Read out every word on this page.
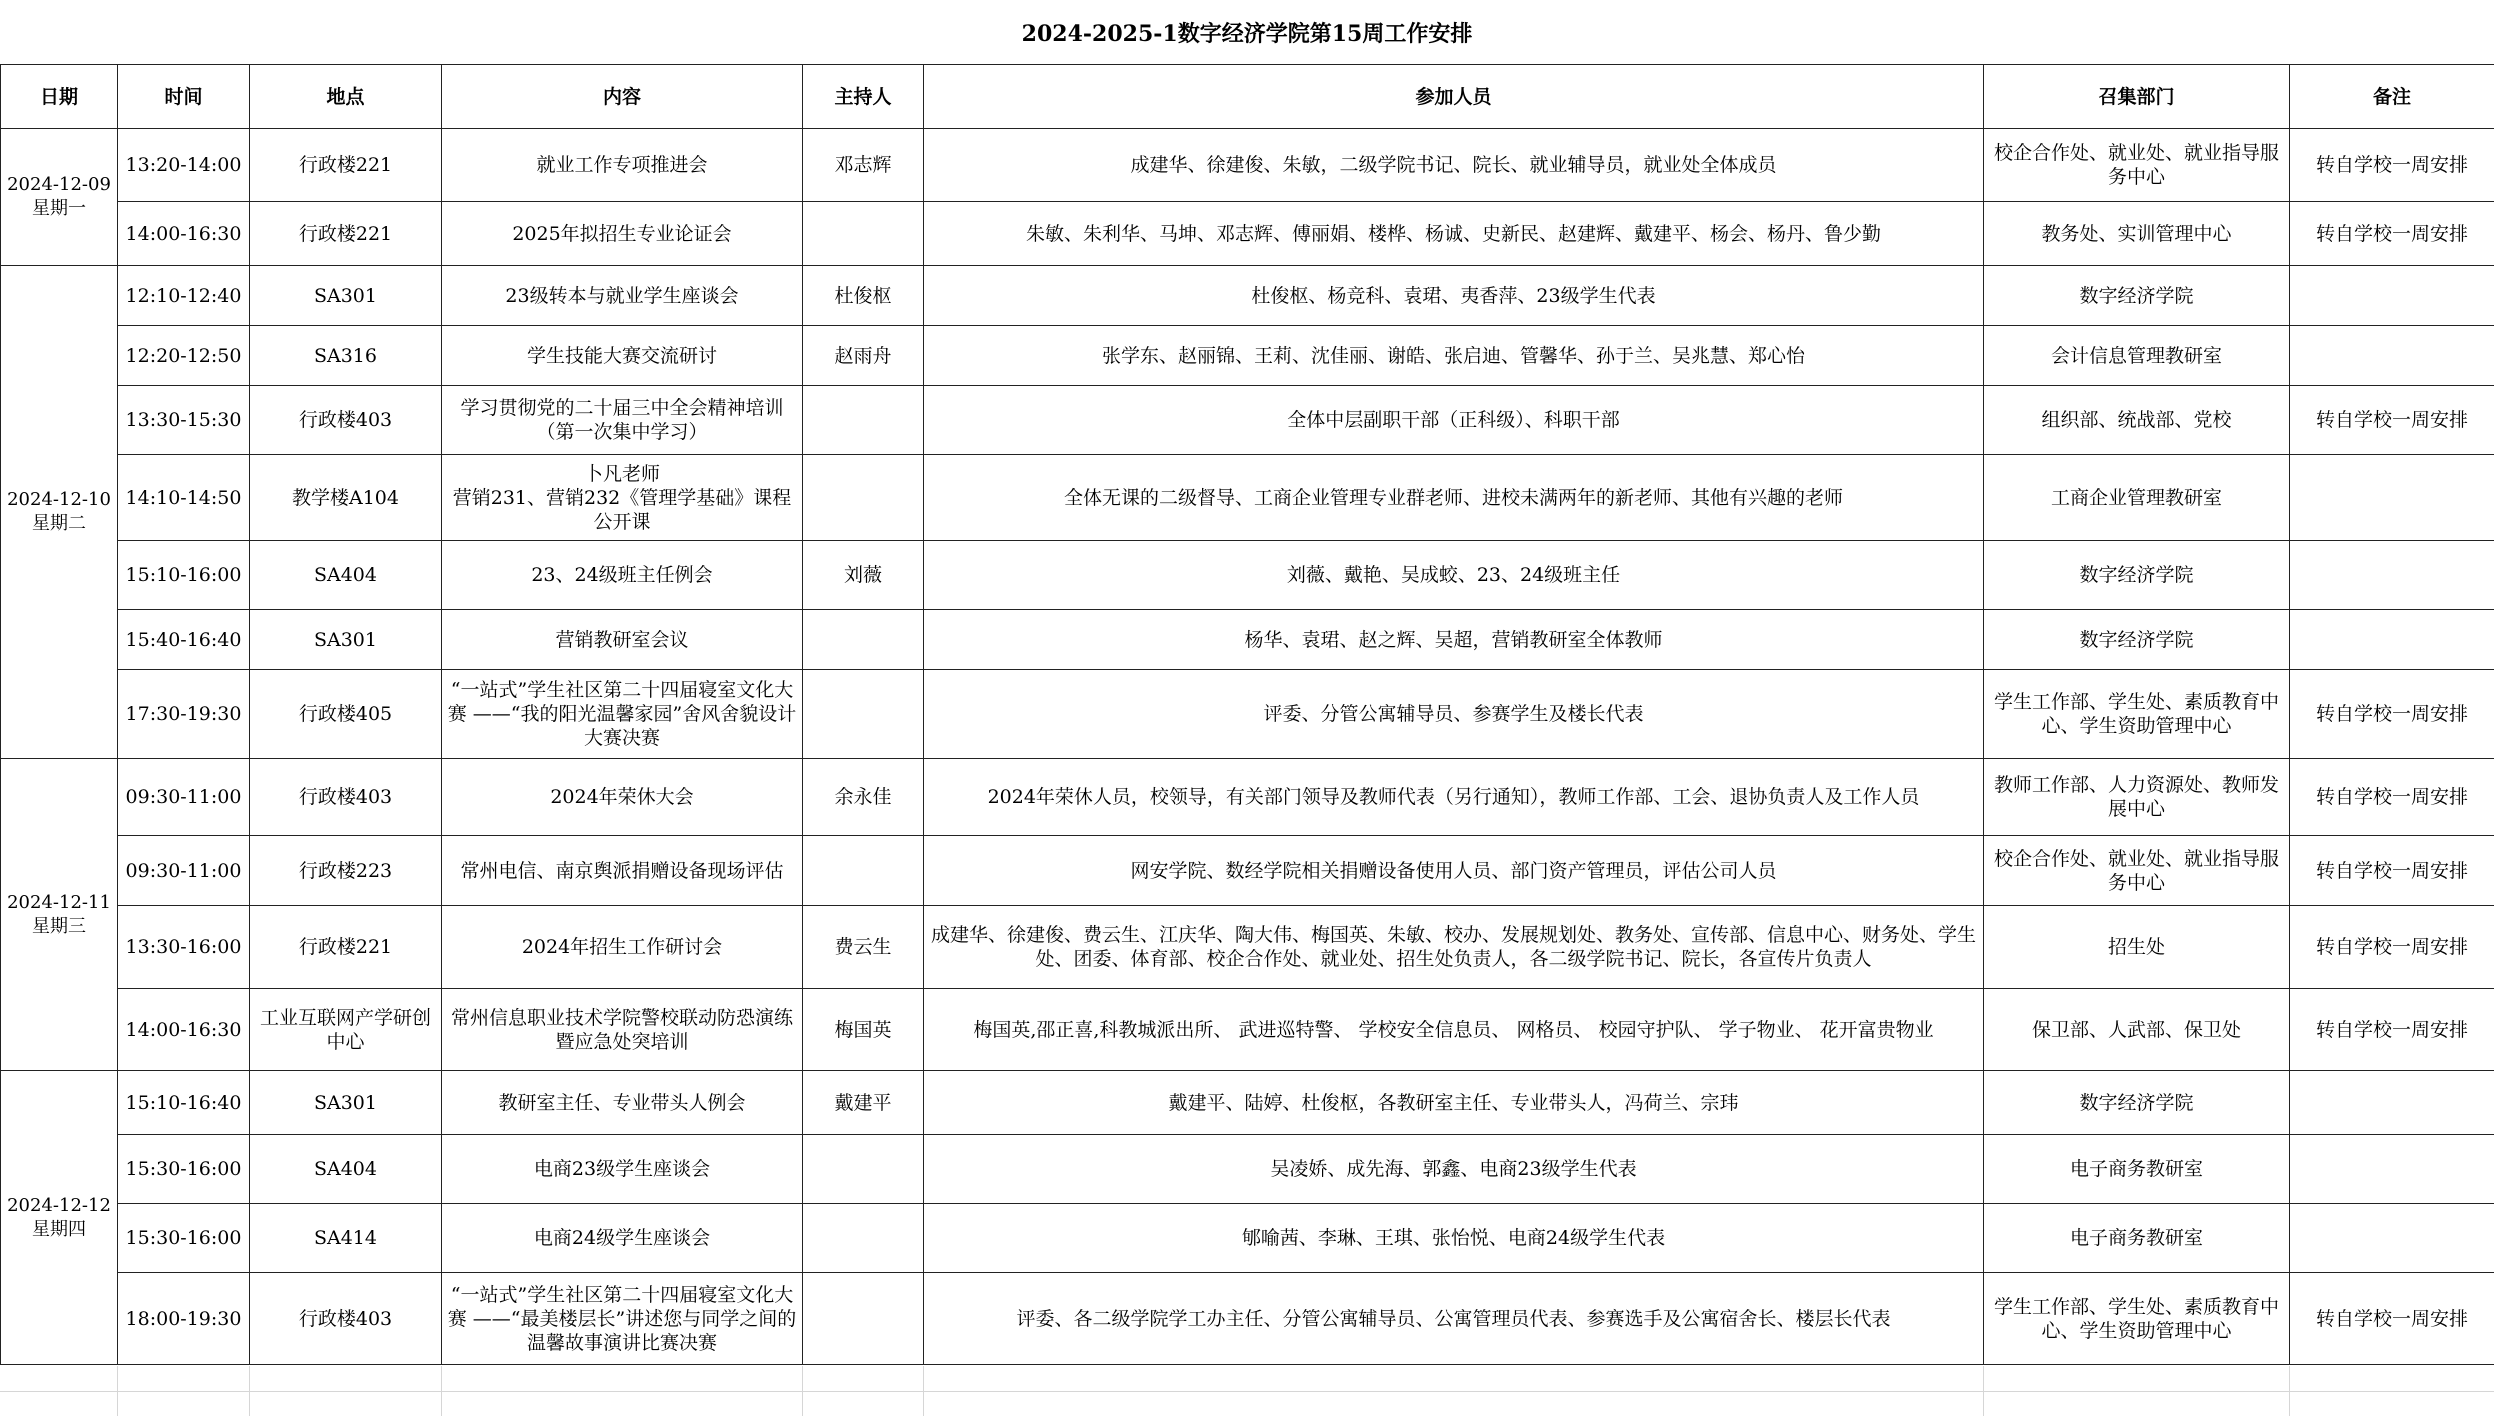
2024-2025-1数字经济学院第15周工作安排
日期	时间	地点	内容	主持人	参加人员	召集部门	备注

2024-12-09
星期一	13:20-14:00	行政楼221	就业工作专项推进会	邓志辉	成建华、徐建俊、朱敏，二级学院书记、院长、就业辅导员，就业处全体成员	校企合作处、就业处、就业指导服务中心	转自学校一周安排
	14:00-16:30	行政楼221	2025年拟招生专业论证会		朱敏、朱利华、马坤、邓志辉、傅丽娟、楼桦、杨诚、史新民、赵建辉、戴建平、杨会、杨丹、鲁少勤	教务处、实训管理中心	转自学校一周安排

2024-12-10
星期二	12:10-12:40	SA301	23级转本与就业学生座谈会	杜俊枢	杜俊枢、杨竞科、袁珺、夷香萍、23级学生代表	数字经济学院	
	12:20-12:50	SA316	学生技能大赛交流研讨	赵雨舟	张学东、赵丽锦、王莉、沈佳丽、谢皓、张启迪、管馨华、孙于兰、吴兆慧、郑心怡	会计信息管理教研室	
	13:30-15:30	行政楼403	学习贯彻党的二十届三中全会精神培训（第一次集中学习）		全体中层副职干部（正科级）、科职干部	组织部、统战部、党校	转自学校一周安排
	14:10-14:50	教学楼A104	卜凡老师
营销231、营销232《管理学基础》课程公开课		全体无课的二级督导、工商企业管理专业群老师、进校未满两年的新老师、其他有兴趣的老师	工商企业管理教研室	
	15:10-16:00	SA404	23、24级班主任例会	刘薇	刘薇、戴艳、吴成蛟、23、24级班主任	数字经济学院	
	15:40-16:40	SA301	营销教研室会议		杨华、袁珺、赵之辉、吴超，营销教研室全体教师	数字经济学院	
	17:30-19:30	行政楼405	“一站式”学生社区第二十四届寝室文化大赛 ——“我的阳光温馨家园”舍风舍貌设计大赛决赛		评委、分管公寓辅导员、参赛学生及楼长代表	学生工作部、学生处、素质教育中心、学生资助管理中心	转自学校一周安排

2024-12-11
星期三	09:30-11:00	行政楼403	2024年荣休大会	余永佳	2024年荣休人员，校领导，有关部门领导及教师代表（另行通知），教师工作部、工会、退协负责人及工作人员	教师工作部、人力资源处、教师发展中心	转自学校一周安排
	09:30-11:00	行政楼223	常州电信、南京舆派捐赠设备现场评估		网安学院、数经学院相关捐赠设备使用人员、部门资产管理员，评估公司人员	校企合作处、就业处、就业指导服务中心	转自学校一周安排
	13:30-16:00	行政楼221	2024年招生工作研讨会	费云生	成建华、徐建俊、费云生、江庆华、陶大伟、梅国英、朱敏、校办、发展规划处、教务处、宣传部、信息中心、财务处、学生处、团委、体育部、校企合作处、就业处、招生处负责人，各二级学院书记、院长，各宣传片负责人	招生处	转自学校一周安排
	14:00-16:30	工业互联网产学研创中心	常州信息职业技术学院警校联动防恐演练暨应急处突培训	梅国英	梅国英,邵正喜,科教城派出所、 武进巡特警、 学校安全信息员、 网格员、 校园守护队、 学子物业、 花开富贵物业	保卫部、人武部、保卫处	转自学校一周安排

2024-12-12
星期四	15:10-16:40	SA301	教研室主任、专业带头人例会	戴建平	戴建平、陆婷、杜俊枢，各教研室主任、专业带头人，冯荷兰、宗玮	数字经济学院	
	15:30-16:00	SA404	电商23级学生座谈会		吴凌娇、成先海、郭鑫、电商23级学生代表	电子商务教研室	
	15:30-16:00	SA414	电商24级学生座谈会		郇喻茜、李琳、王琪、张怡悦、电商24级学生代表	电子商务教研室	
	18:00-19:30	行政楼403	“一站式”学生社区第二十四届寝室文化大赛 ——“最美楼层长”讲述您与同学之间的温馨故事演讲比赛决赛		评委、各二级学院学工办主任、分管公寓辅导员、公寓管理员代表、参赛选手及公寓宿舍长、楼层长代表	学生工作部、学生处、素质教育中心、学生资助管理中心	转自学校一周安排
